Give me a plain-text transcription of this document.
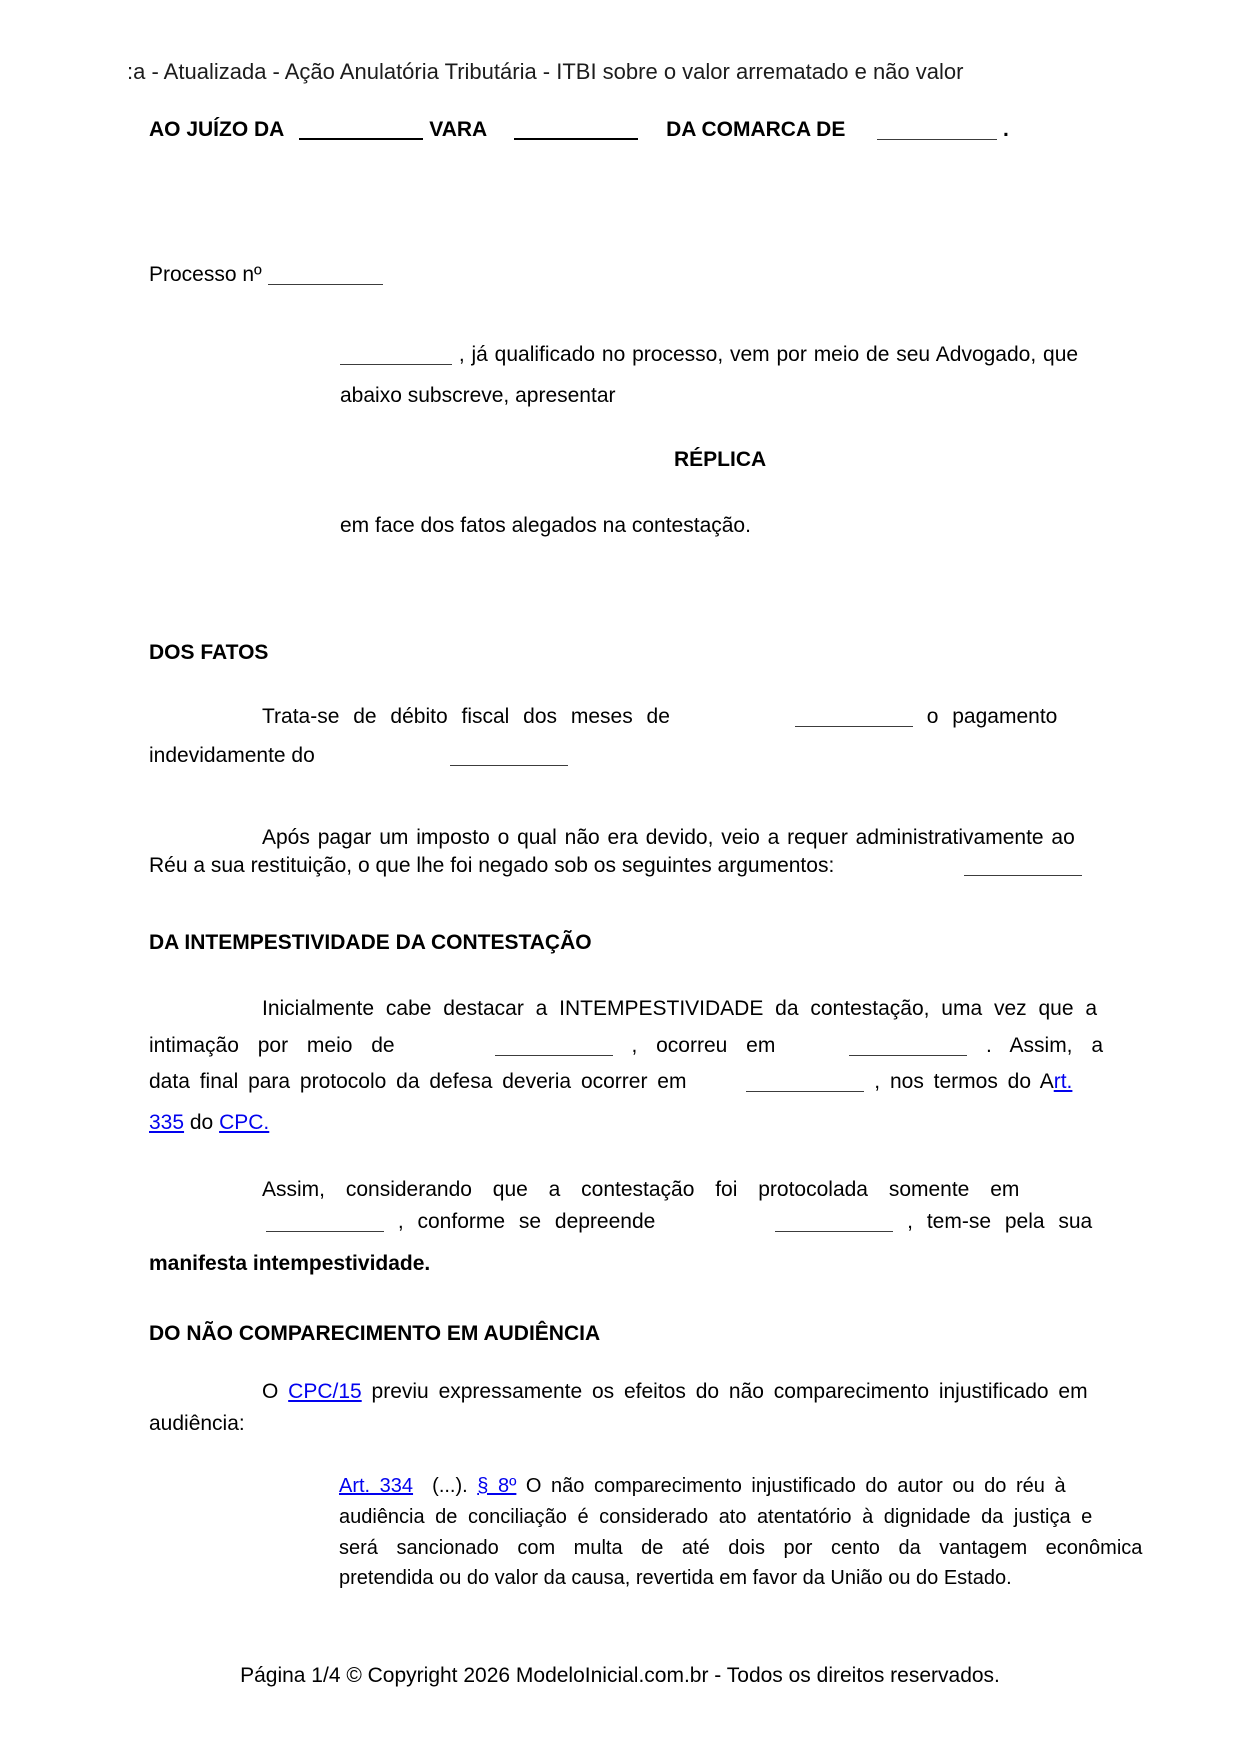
:a - Atualizada - Ação Anulatória Tributária - ITBI sobre o valor arrematado e não valor
AO JUÍZO DA	VARA	DA COMARCA DE	.
Processo nº
, já qualificado no processo, vem por meio de seu Advogado, que
abaixo subscreve, apresentar
RÉPLICA
em face dos fatos alegados na contestação.
DOS FATOS
Trata-se de débito fiscal dos meses de	o pagamento
indevidamente do
Após pagar um imposto o qual não era devido, veio a requer administrativamente ao
Réu a sua restituição, o que lhe foi negado sob os seguintes argumentos:
DA INTEMPESTIVIDADE DA CONTESTAÇÃO
Inicialmente cabe destacar a INTEMPESTIVIDADE da contestação, uma vez que a
intimação por meio de	, ocorreu em	. Assim, a
data final para protocolo da defesa deveria ocorrer em	, nos termos do Art.
335 do CPC.
Assim, considerando que a contestação foi protocolada somente em
, conforme se depreende	, tem-se pela sua
manifesta intempestividade.
DO NÃO COMPARECIMENTO EM AUDIÊNCIA
O CPC/15 previu expressamente os efeitos do não comparecimento injustificado em
audiência:
Art. 334  (...). § 8º O não comparecimento injustificado do autor ou do réu à
audiência de conciliação é considerado ato atentatório à dignidade da justiça e
será sancionado com multa de até dois por cento da vantagem econômica
pretendida ou do valor da causa, revertida em favor da União ou do Estado.
Página 1/4 © Copyright 2026 ModeloInicial.com.br - Todos os direitos reservados.
